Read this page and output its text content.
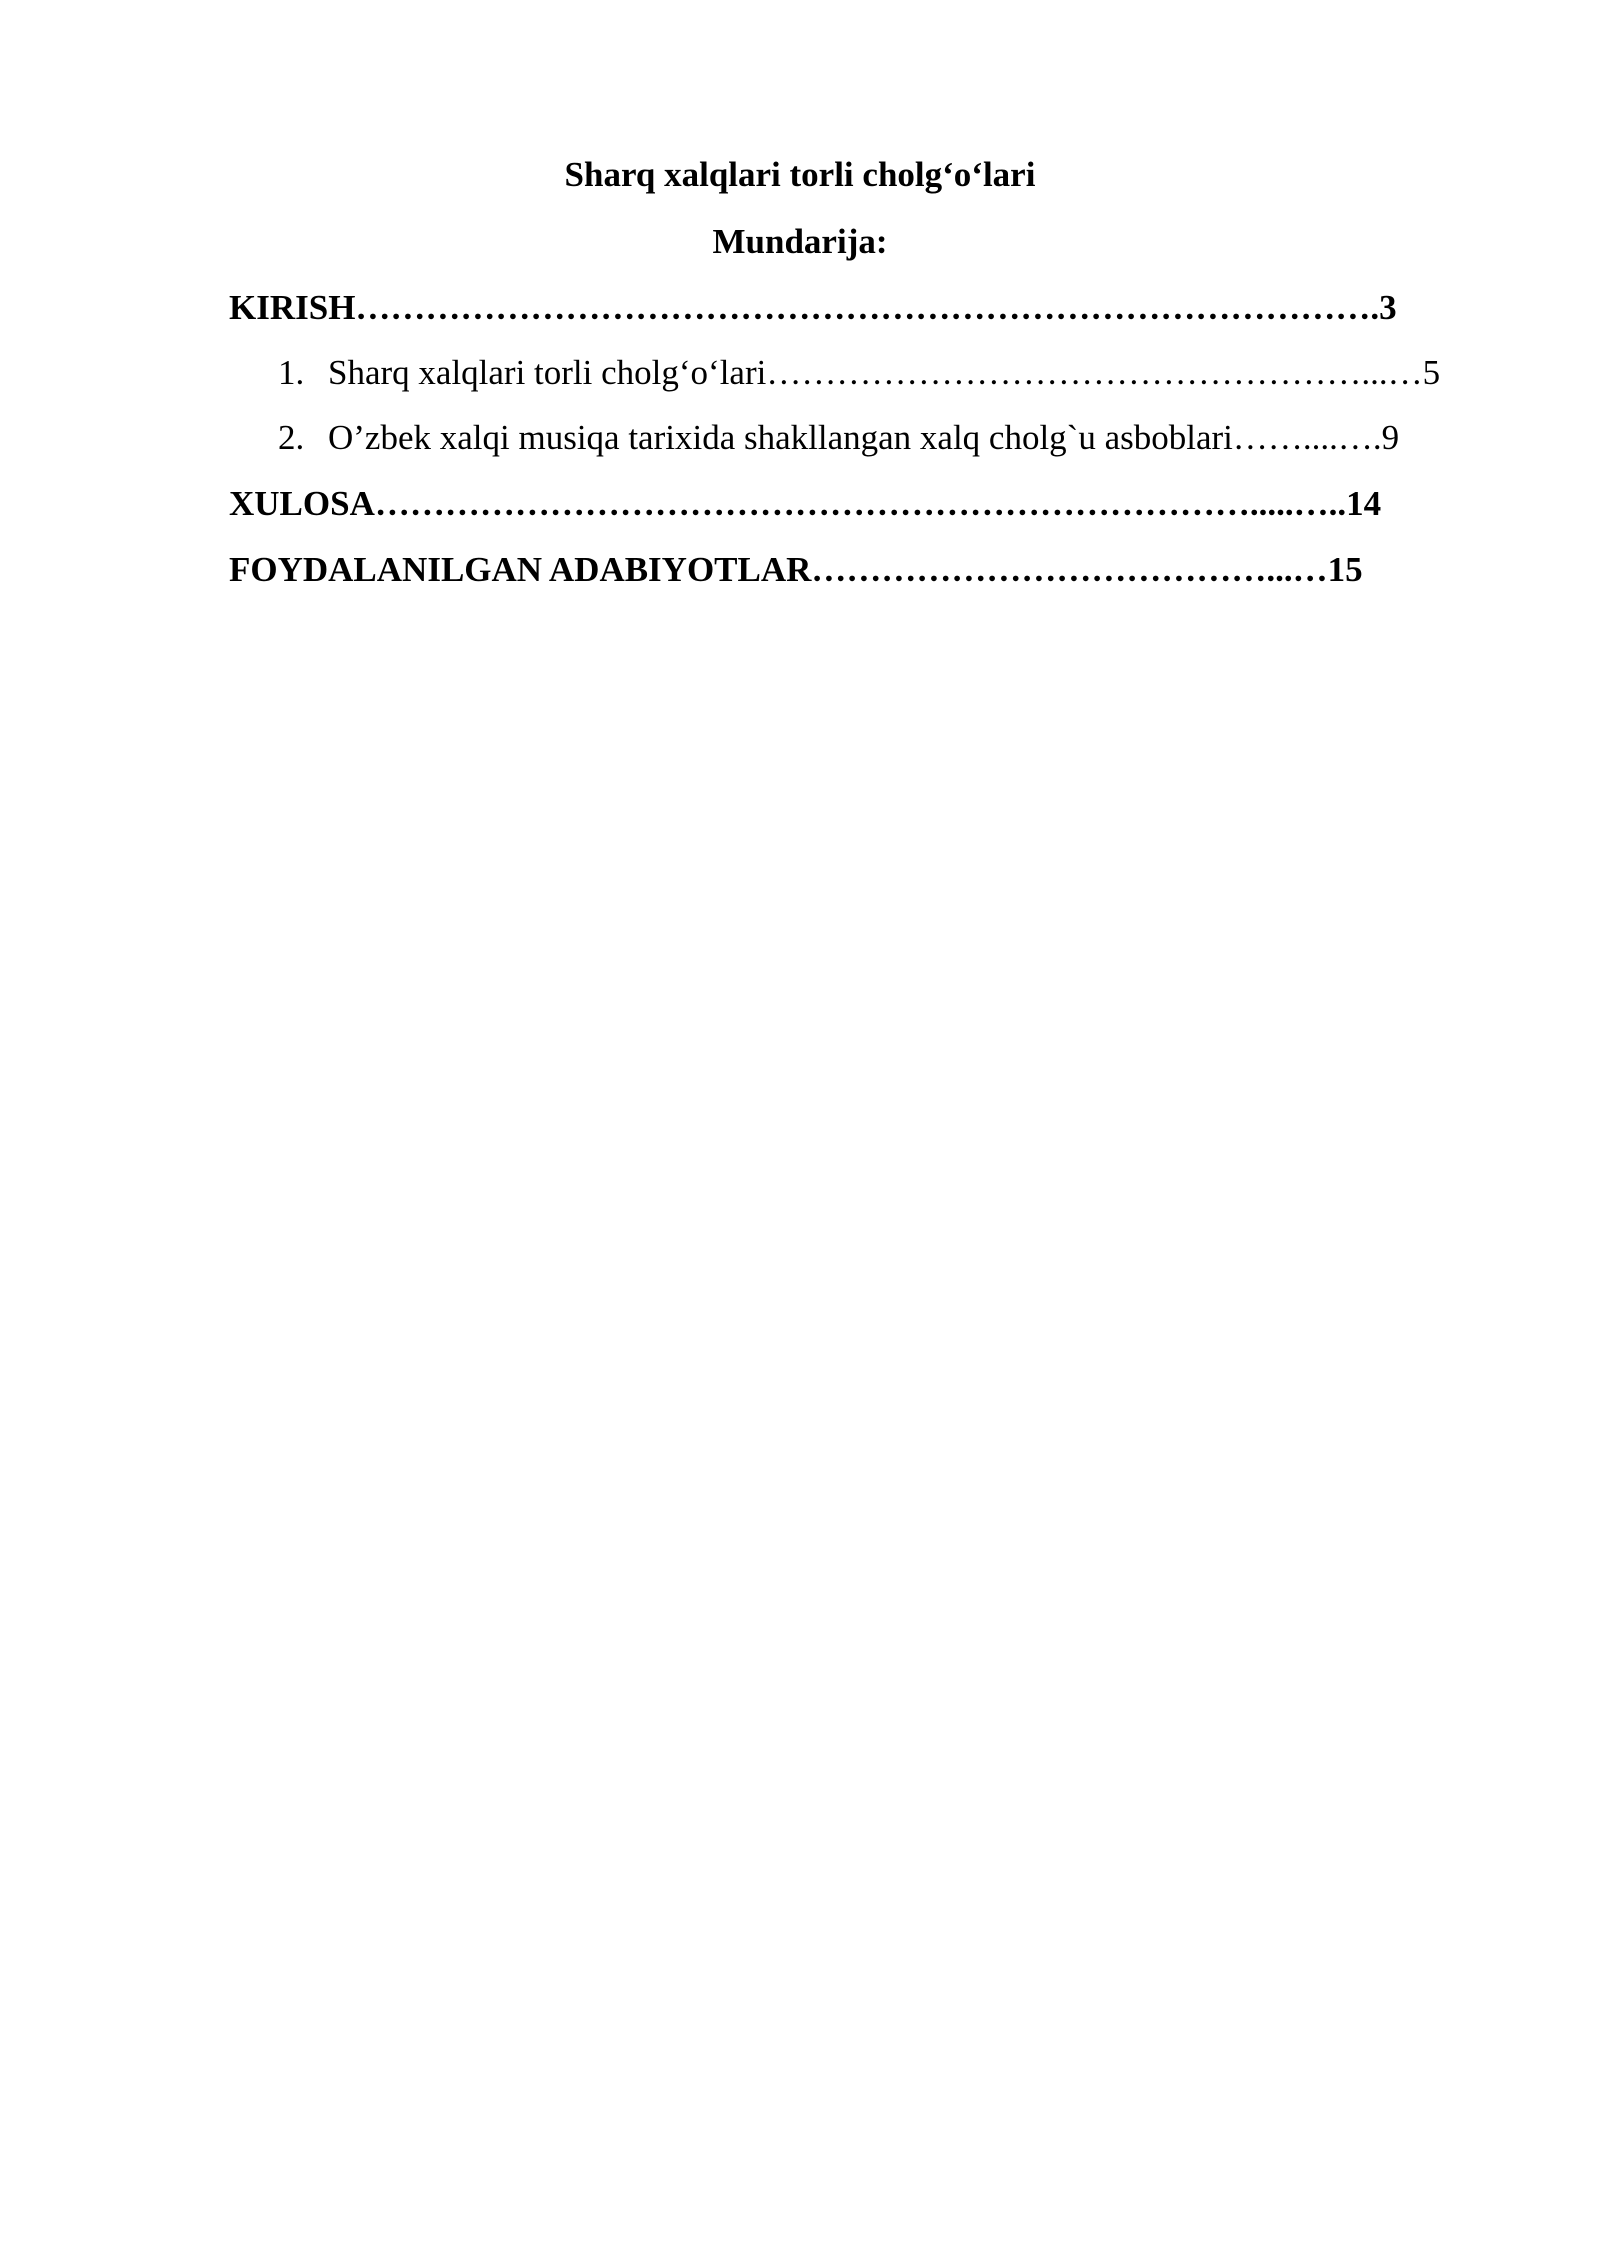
Sharq xalqlari torli cholg‘o‘lari
Mundarija:
KIRISH…………………………………………………………………………….3
1. Sharq xalqlari torli cholg‘o‘lari……………………………………………...…5
2. O’zbek xalqi musiqa tarixida shakllangan xalq cholg`u asboblari……....….9
XULOSA………………………………………………………………….....…..14
FOYDALANILGAN ADABIYOTLAR…………………………………...…15
